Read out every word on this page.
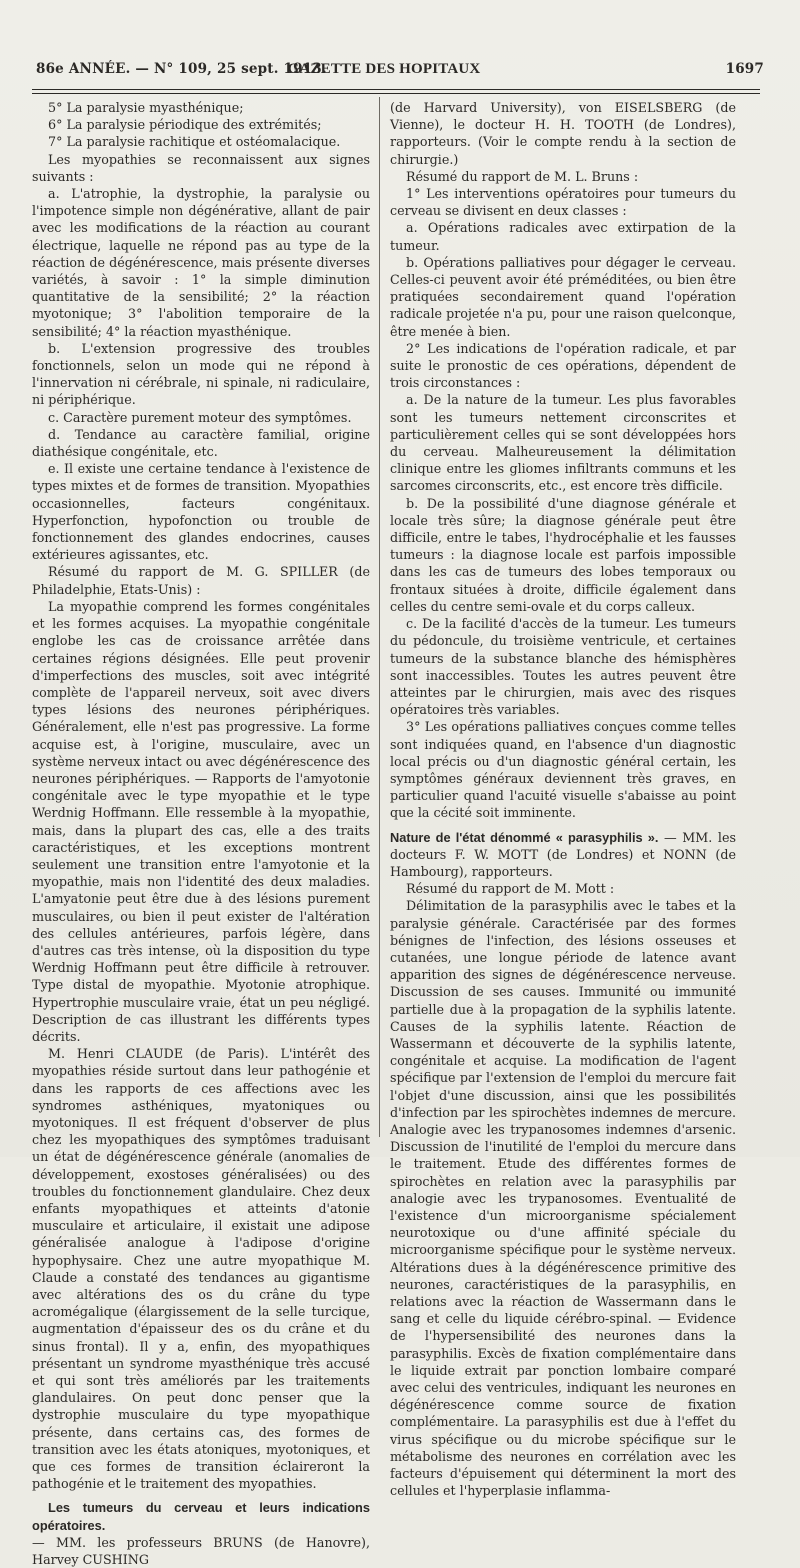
86e ANNÉE. — N° 109, 25 sept. 1913.
GAZETTE DES HOPITAUX	1697

5° La paralysie myasthénique;

6° La paralysie périodique des extrémités;

7° La paralysie rachitique et ostéomalacique.

Les myopathies se reconnaissent aux signes suivants :

a. L'atrophie, la dystrophie, la paralysie ou l'impotence simple non dégénérative, allant de pair avec les modifications de la réaction au courant électrique, laquelle ne répond pas au type de la réaction de dégénérescence, mais présente diverses variétés, à savoir : 1° la simple diminution quantitative de la sensibilité; 2° la réaction myotonique; 3° l'abolition temporaire de la sensibilité; 4° la réaction myasthénique.

b. L'extension progressive des troubles fonctionnels, selon un mode qui ne répond à l'innervation ni cérébrale, ni spinale, ni radiculaire, ni périphérique.

c. Caractère purement moteur des symptômes.

d. Tendance au caractère familial, origine diathésique congénitale, etc.

e. Il existe une certaine tendance à l'existence de types mixtes et de formes de transition. Myopathies occasionnelles, facteurs congénitaux. Hyperfonction, hypofonction ou trouble de fonctionnement des glandes endocrines, causes extérieures agissantes, etc.

Résumé du rapport de M. G. SPILLER (de Philadelphie, Etats-Unis) :

La myopathie comprend les formes congénitales et les formes acquises. La myopathie congénitale englobe les cas de croissance arrêtée dans certaines régions désignées. Elle peut provenir d'imperfections des muscles, soit avec intégrité complète de l'appareil nerveux, soit avec divers types lésions des neurones périphériques. Généralement, elle n'est pas progressive. La forme acquise est, à l'origine, musculaire, avec un système nerveux intact ou avec dégénérescence des neurones périphériques. — Rapports de l'amyotonie congénitale avec le type myopathie et le type Werdnig Hoffmann. Elle ressemble à la myopathie, mais, dans la plupart des cas, elle a des traits caractéristiques, et les exceptions montrent seulement une transition entre l'amyotonie et la myopathie, mais non l'identité des deux maladies. L'amyatonie peut être due à des lésions purement musculaires, ou bien il peut exister de l'altération des cellules antérieures, parfois légère, dans d'autres cas très intense, où la disposition du type Werdnig Hoffmann peut être difficile à retrouver. Type distal de myopathie. Myotonie atrophique. Hypertrophie musculaire vraie, état un peu négligé. Description de cas illustrant les différents types décrits.

M. Henri CLAUDE (de Paris). L'intérêt des myopathies réside surtout dans leur pathogénie et dans les rapports de ces affections avec les syndromes asthéniques, myatoniques ou myotoniques. Il est fréquent d'observer de plus chez les myopathiques des symptômes traduisant un état de dégénérescence générale (anomalies de développement, exostoses généralisées) ou des troubles du fonctionnement glandulaire. Chez deux enfants myopathiques et atteints d'atonie musculaire et articulaire, il existait une adipose généralisée analogue à l'adipose d'origine hypophysaire. Chez une autre myopathique M. Claude a constaté des tendances au gigantisme avec altérations des os du crâne du type acromégalique (élargissement de la selle turcique, augmentation d'épaisseur des os du crâne et du sinus frontal). Il y a, enfin, des myopathiques présentant un syndrome myasthénique très accusé et qui sont très améliorés par les traitements glandulaires. On peut donc penser que la dystrophie musculaire du type myopathique présente, dans certains cas, des formes de transition avec les états atoniques, myotoniques, et que ces formes de transition éclaireront la pathogénie et le traitement des myopathies.

Les tumeurs du cerveau et leurs indications opératoires.

— MM. les professeurs BRUNS (de Hanovre), Harvey CUSHING

(de Harvard University), von EISELSBERG (de Vienne), le docteur H. H. TOOTH (de Londres), rapporteurs. (Voir le compte rendu à la section de chirurgie.)

Résumé du rapport de M. L. Bruns :

1° Les interventions opératoires pour tumeurs du cerveau se divisent en deux classes :

a. Opérations radicales avec extirpation de la tumeur.

b. Opérations palliatives pour dégager le cerveau. Celles-ci peuvent avoir été préméditées, ou bien être pratiquées secondairement quand l'opération radicale projetée n'a pu, pour une raison quelconque, être menée à bien.

2° Les indications de l'opération radicale, et par suite le pronostic de ces opérations, dépendent de trois circonstances :

a. De la nature de la tumeur. Les plus favorables sont les tumeurs nettement circonscrites et particulièrement celles qui se sont développées hors du cerveau. Malheureusement la délimitation clinique entre les gliomes infiltrants communs et les sarcomes circonscrits, etc., est encore très difficile.

b. De la possibilité d'une diagnose générale et locale très sûre; la diagnose générale peut être difficile, entre le tabes, l'hydrocéphalie et les fausses tumeurs : la diagnose locale est parfois impossible dans les cas de tumeurs des lobes temporaux ou frontaux situées à droite, difficile également dans celles du centre semi-ovale et du corps calleux.

c. De la facilité d'accès de la tumeur. Les tumeurs du pédoncule, du troisième ventricule, et certaines tumeurs de la substance blanche des hémisphères sont inaccessibles. Toutes les autres peuvent être atteintes par le chirurgien, mais avec des risques opératoires très variables.

3° Les opérations palliatives conçues comme telles sont indiquées quand, en l'absence d'un diagnostic local précis ou d'un diagnostic général certain, les symptômes généraux deviennent très graves, en particulier quand l'acuité visuelle s'abaisse au point que la cécité soit imminente.

Nature de l'état dénommé « parasyphilis ». — MM. les docteurs F. W. MOTT (de Londres) et NONN (de Hambourg), rapporteurs.

Résumé du rapport de M. Mott :

Délimitation de la parasyphilis avec le tabes et la paralysie générale. Caractérisée par des formes bénignes de l'infection, des lésions osseuses et cutanées, une longue période de latence avant apparition des signes de dégénérescence nerveuse. Discussion de ses causes. Immunité ou immunité partielle due à la propagation de la syphilis latente. Causes de la syphilis latente. Réaction de Wassermann et découverte de la syphilis latente, congénitale et acquise. La modification de l'agent spécifique par l'extension de l'emploi du mercure fait l'objet d'une discussion, ainsi que les possibilités d'infection par les spirochètes indemnes de mercure. Analogie avec les trypanosomes indemnes d'arsenic. Discussion de l'inutilité de l'emploi du mercure dans le traitement. Etude des différentes formes de spirochètes en relation avec la parasyphilis par analogie avec les trypanosomes. Eventualité de l'existence d'un microorganisme spécialement neurotoxique ou d'une affinité spéciale du microorganisme spécifique pour le système nerveux. Altérations dues à la dégénérescence primitive des neurones, caractéristiques de la parasyphilis, en relations avec la réaction de Wassermann dans le sang et celle du liquide cérébro-spinal. — Evidence de l'hypersensibilité des neurones dans la parasyphilis. Excès de fixation complémentaire dans le liquide extrait par ponction lombaire comparé avec celui des ventricules, indiquant les neurones en dégénérescence comme source de fixation complémentaire. La parasyphilis est due à l'effet du virus spécifique ou du microbe spécifique sur le métabolisme des neurones en corrélation avec les facteurs d'épuisement qui déterminent la mort des cellules et l'hyperplasie inflamma-
